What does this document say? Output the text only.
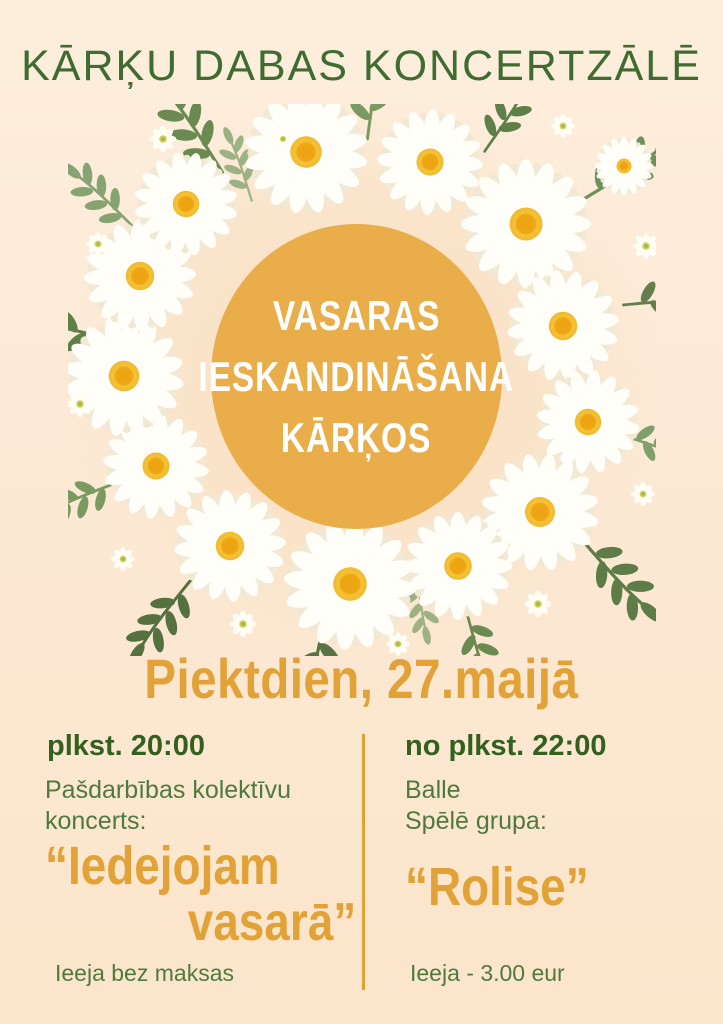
KĀRĶU DABAS KONCERTZĀLĒ
VASARAS
IESKANDINĀŠANA
KĀRĶOS
Piektdien, 27.maijā
plkst. 20:00
Pašdarbības kolektīvu
koncerts:
“Iedejojam
vasarā”
Ieeja bez maksas
no plkst. 22:00
Balle
Spēlē grupa:
“Rolise”
Ieeja - 3.00 eur
